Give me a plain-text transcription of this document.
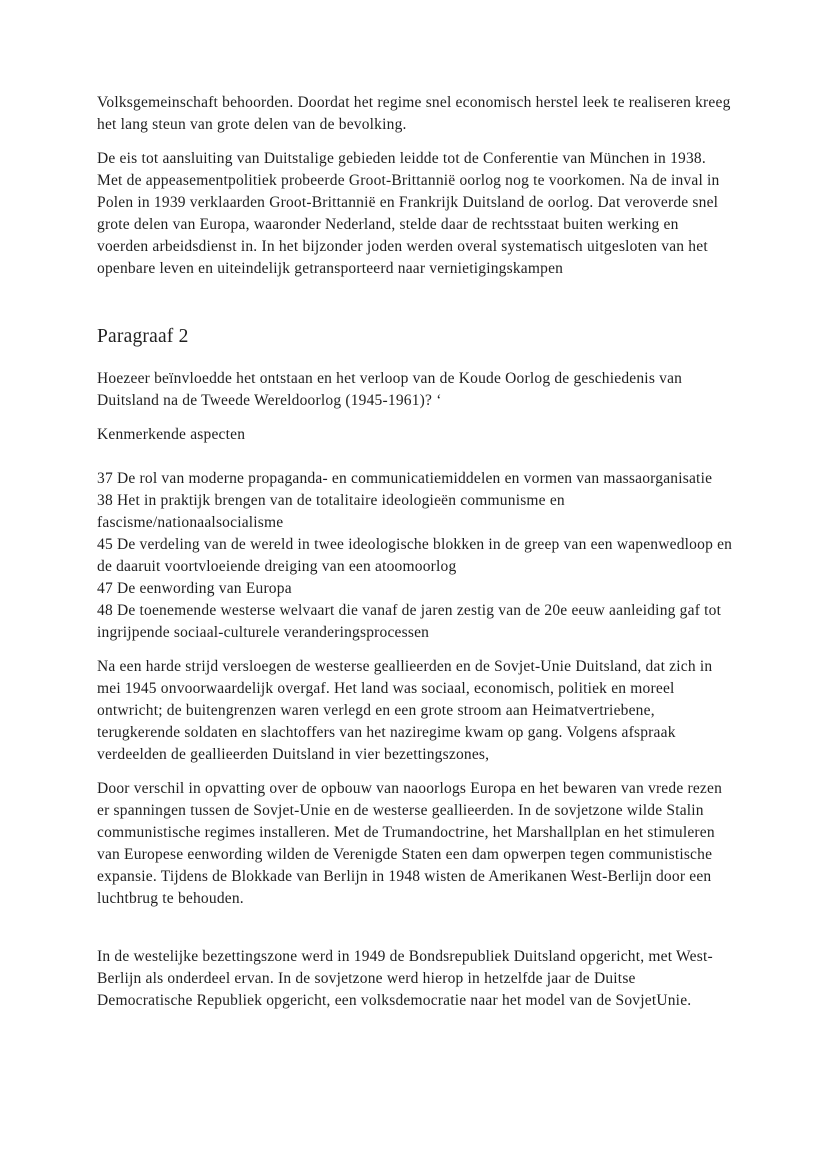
Volksgemeinschaft behoorden. Doordat het regime snel economisch herstel leek te realiseren kreeg het lang steun van grote delen van de bevolking.

De eis tot aansluiting van Duitstalige gebieden leidde tot de Conferentie van München in 1938. Met de appeasementpolitiek probeerde Groot-Brittannië oorlog nog te voorkomen. Na de inval in Polen in 1939 verklaarden Groot-Brittannië en Frankrijk Duitsland de oorlog. Dat veroverde snel grote delen van Europa, waaronder Nederland, stelde daar de rechtsstaat buiten werking en voerden arbeidsdienst in. In het bijzonder joden werden overal systematisch uitgesloten van het openbare leven en uiteindelijk getransporteerd naar vernietigingskampen

Paragraaf 2

Hoezeer beïnvloedde het ontstaan en het verloop van de Koude Oorlog de geschiedenis van Duitsland na de Tweede Wereldoorlog (1945-1961)? ‘

Kenmerkende aspecten

37 De rol van moderne propaganda- en communicatiemiddelen en vormen van massaorganisatie
38 Het in praktijk brengen van de totalitaire ideologieën communisme en fascisme/nationaalsocialisme
45 De verdeling van de wereld in twee ideologische blokken in de greep van een wapenwedloop en de daaruit voortvloeiende dreiging van een atoomoorlog
47 De eenwording van Europa
48 De toenemende westerse welvaart die vanaf de jaren zestig van de 20e eeuw aanleiding gaf tot ingrijpende sociaal-culturele veranderingsprocessen

Na een harde strijd versloegen de westerse geallieerden en de Sovjet-Unie Duitsland, dat zich in mei 1945 onvoorwaardelijk overgaf. Het land was sociaal, economisch, politiek en moreel ontwricht; de buitengrenzen waren verlegd en een grote stroom aan Heimatvertriebene, terugkerende soldaten en slachtoffers van het naziregime kwam op gang. Volgens afspraak verdeelden de geallieerden Duitsland in vier bezettingszones,

Door verschil in opvatting over de opbouw van naoorlogs Europa en het bewaren van vrede rezen er spanningen tussen de Sovjet-Unie en de westerse geallieerden. In de sovjetzone wilde Stalin communistische regimes installeren. Met de Trumandoctrine, het Marshallplan en het stimuleren van Europese eenwording wilden de Verenigde Staten een dam opwerpen tegen communistische expansie. Tijdens de Blokkade van Berlijn in 1948 wisten de Amerikanen West-Berlijn door een luchtbrug te behouden.

In de westelijke bezettingszone werd in 1949 de Bondsrepubliek Duitsland opgericht, met West-Berlijn als onderdeel ervan. In de sovjetzone werd hierop in hetzelfde jaar de Duitse Democratische Republiek opgericht, een volksdemocratie naar het model van de SovjetUnie.
